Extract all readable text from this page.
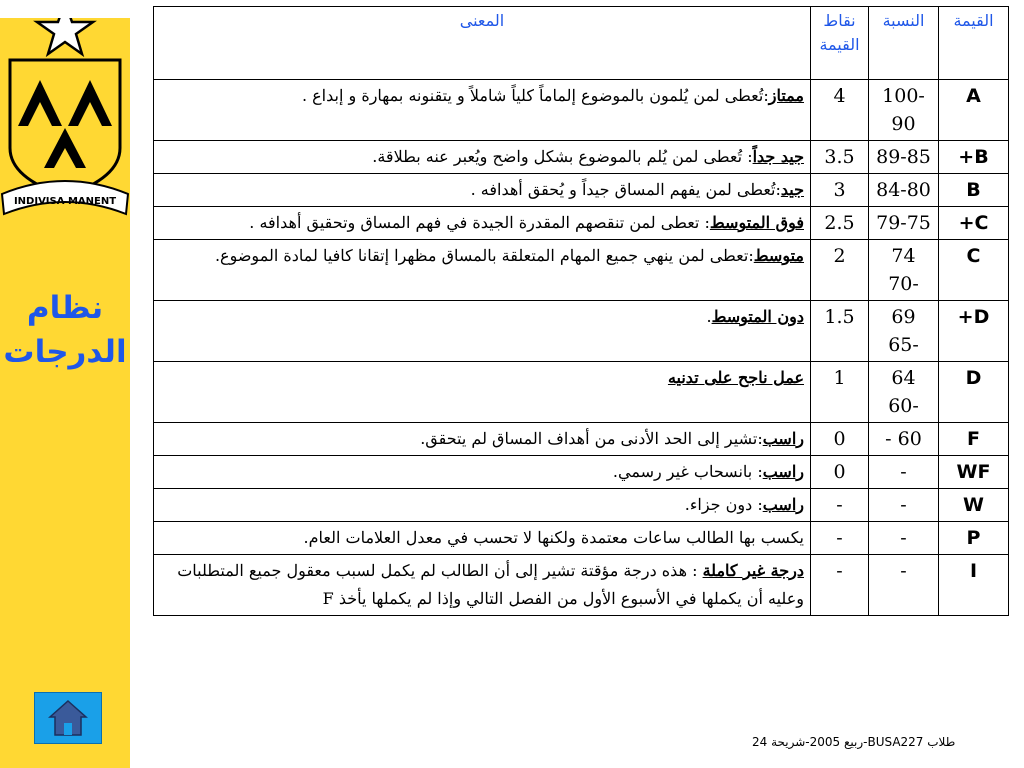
INDIVISA MANENT
نظام
الدرجات
القيمة	النسبة	نقاط القيمة	المعنى
A	100-90	4	ممتاز:تُعطى لمن يُلمون بالموضوع إلماماً كلياً شاملاً و يتقنونه بمهارة و إبداع .
B+	89-85	3.5	جيد جداً: تُعطى لمن يُلم بالموضوع بشكل واضح ويُعبر عنه بطلاقة.
B	84-80	3	جيد:تُعطى لمن يفهم المساق جيداً و يُحقق أهدافه .
C+	79-75	2.5	فوق المتوسط: تعطى لمن تنقصهم المقدرة الجيدة في فهم المساق وتحقيق أهدافه .
C	74 -70	2	متوسط:تعطى لمن ينهي جميع المهام المتعلقة بالمساق مظهرا إتقانا كافيا لمادة الموضوع.
D+	69 -65	1.5	دون المتوسط.
D	64 -60	1	عمل ناجح على تدنيه
F	60 -	0	راسب:تشير إلى الحد الأدنى من أهداف المساق لم يتحقق.
WF	-	0	راسب: بانسحاب غير رسمي.
W	-	-	راسب: دون جزاء.
P	-	-	يكسب بها الطالب ساعات معتمدة ولكنها لا تحسب في معدل العلامات العام.
I	-	-	درجة غير كاملة : هذه درجة مؤقتة تشير إلى أن الطالب لم يكمل لسبب معقول جميع المتطلبات وعليه أن يكملها في الأسبوع الأول من الفصل التالي وإذا لم يكملها يأخذ F
طلاب BUSA227-ربيع 2005-شريحة 24
